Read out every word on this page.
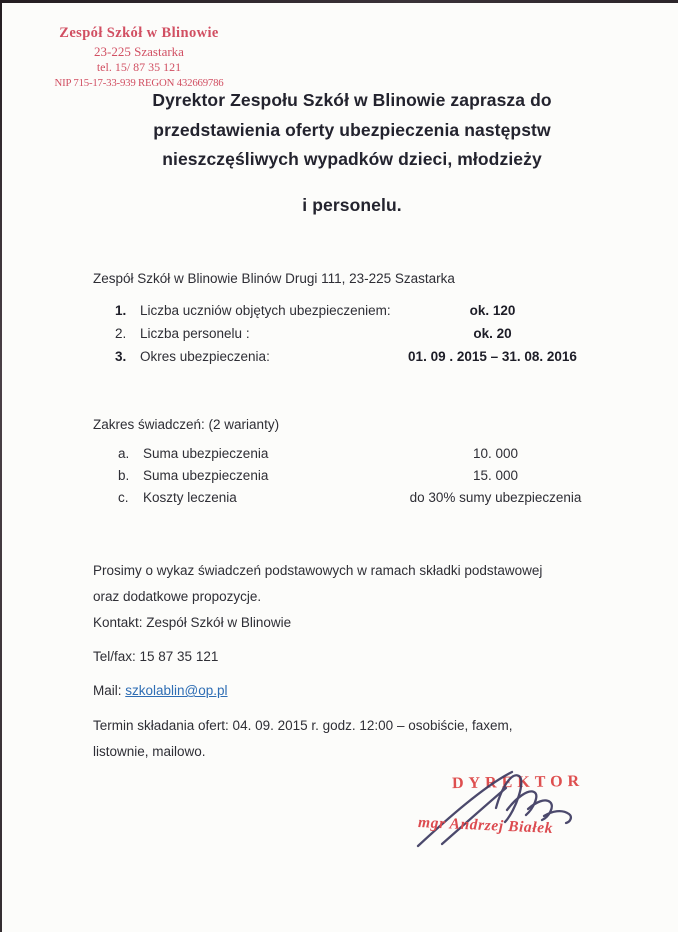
Zespół Szkół w Blinowie
23-225 Szastarka
tel. 15/ 87 35 121
NIP 715-17-33-939 REGON 432669786
Dyrektor Zespołu Szkół w Blinowie zaprasza do
przedstawienia oferty ubezpieczenia następstw
nieszczęśliwych wypadków dzieci, młodzieży
i personelu.
Zespół Szkół w Blinowie Blinów Drugi 111, 23-225 Szastarka
1. Liczba uczniów objętych ubezpieczeniem:	ok. 120
2. Liczba personelu :	ok. 20
3. Okres ubezpieczenia:	01. 09 . 2015 – 31. 08. 2016
Zakres świadczeń: (2 warianty)
a. Suma ubezpieczenia	10. 000
b. Suma ubezpieczenia	15. 000
c. Koszty leczenia	do 30% sumy ubezpieczenia
Prosimy o wykaz świadczeń podstawowych w ramach składki podstawowej
oraz dodatkowe propozycje.
Kontakt: Zespół Szkół w Blinowie
Tel/fax: 15 87 35 121
Mail: szkolablin@op.pl
Termin składania ofert: 04. 09. 2015 r. godz. 12:00 – osobiście, faxem,
listownie, mailowo.
DYREKTOR
mgr Andrzej Białek
